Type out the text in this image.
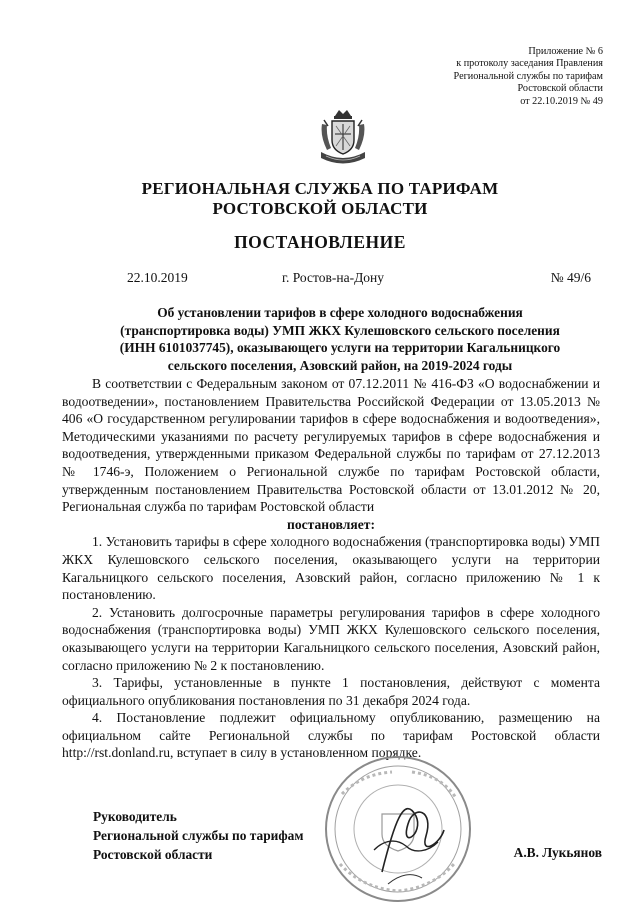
Приложение № 6
к протоколу заседания Правления
Региональной службы по тарифам
Ростовской области
от 22.10.2019 № 49
РЕГИОНАЛЬНАЯ СЛУЖБА ПО ТАРИФАМ
РОСТОВСКОЙ ОБЛАСТИ
ПОСТАНОВЛЕНИЕ
22.10.2019	г. Ростов-на-Дону	№ 49/6
Об установлении тарифов в сфере холодного водоснабжения (транспортировка воды) УМП ЖКХ Кулешовского сельского поселения (ИНН 6101037745), оказывающего услуги на территории Кагальницкого сельского поселения, Азовский район, на 2019-2024 годы

В соответствии с Федеральным законом от 07.12.2011 № 416-ФЗ «О водоснабжении и водоотведении», постановлением Правительства Российской Федерации от 13.05.2013 № 406 «О государственном регулировании тарифов в сфере водоснабжения и водоотведения», Методическими указаниями по расчету регулируемых тарифов в сфере водоснабжения и водоотведения, утвержденными приказом Федеральной службы по тарифам от 27.12.2013 № 1746-э, Положением о Региональной службе по тарифам Ростовской области, утвержденным постановлением Правительства Ростовской области от 13.01.2012 № 20, Региональная служба по тарифам Ростовской области

постановляет:

1. Установить тарифы в сфере холодного водоснабжения (транспортировка воды) УМП ЖКХ Кулешовского сельского поселения, оказывающего услуги на территории Кагальницкого сельского поселения, Азовский район, согласно приложению № 1 к постановлению.

2. Установить долгосрочные параметры регулирования тарифов в сфере холодного водоснабжения (транспортировка воды) УМП ЖКХ Кулешовского сельского поселения, оказывающего услуги на территории Кагальницкого сельского поселения, Азовский район, согласно приложению № 2 к постановлению.

3. Тарифы, установленные в пункте 1 постановления, действуют с момента официального опубликования постановления по 31 декабря 2024 года.

4. Постановление подлежит официальному опубликованию, размещению на официальном сайте Региональной службы по тарифам Ростовской области http://rst.donland.ru, вступает в силу в установленном порядке.

Руководитель
Региональной службы по тарифам
Ростовской области	А.В. Лукьянов
